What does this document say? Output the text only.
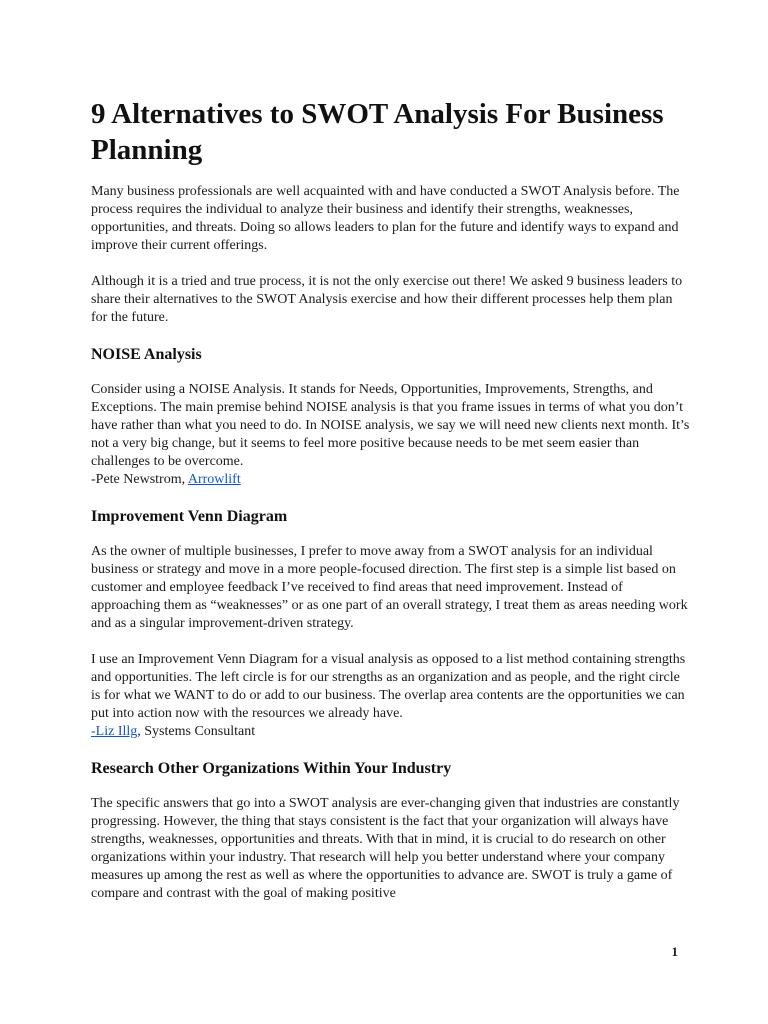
9 Alternatives to SWOT Analysis For Business Planning

Many business professionals are well acquainted with and have conducted a SWOT Analysis before. The process requires the individual to analyze their business and identify their strengths, weaknesses, opportunities, and threats. Doing so allows leaders to plan for the future and identify ways to expand and improve their current offerings.

Although it is a tried and true process, it is not the only exercise out there! We asked 9 business leaders to share their alternatives to the SWOT Analysis exercise and how their different processes help them plan for the future.

NOISE Analysis

Consider using a NOISE Analysis. It stands for Needs, Opportunities, Improvements, Strengths, and Exceptions. The main premise behind NOISE analysis is that you frame issues in terms of what you don’t have rather than what you need to do. In NOISE analysis, we say we will need new clients next month. It’s not a very big change, but it seems to feel more positive because needs to be met seem easier than challenges to be overcome.

-Pete Newstrom, Arrowlift
Improvement Venn Diagram

As the owner of multiple businesses, I prefer to move away from a SWOT analysis for an individual business or strategy and move in a more people-focused direction. The first step is a simple list based on customer and employee feedback I’ve received to find areas that need improvement. Instead of approaching them as “weaknesses” or as one part of an overall strategy, I treat them as areas needing work and as a singular improvement-driven strategy.

I use an Improvement Venn Diagram for a visual analysis as opposed to a list method containing strengths and opportunities. The left circle is for our strengths as an organization and as people, and the right circle is for what we WANT to do or add to our business. The overlap area contents are the opportunities we can put into action now with the resources we already have.

-Liz Illg, Systems Consultant
Research Other Organizations Within Your Industry

The specific answers that go into a SWOT analysis are ever-changing given that industries are constantly progressing. However, the thing that stays consistent is the fact that your organization will always have strengths, weaknesses, opportunities and threats. With that in mind, it is crucial to do research on other organizations within your industry. That research will help you better understand where your company measures up among the rest as well as where the opportunities to advance are. SWOT is truly a game of compare and contrast with the goal of making positive

1
